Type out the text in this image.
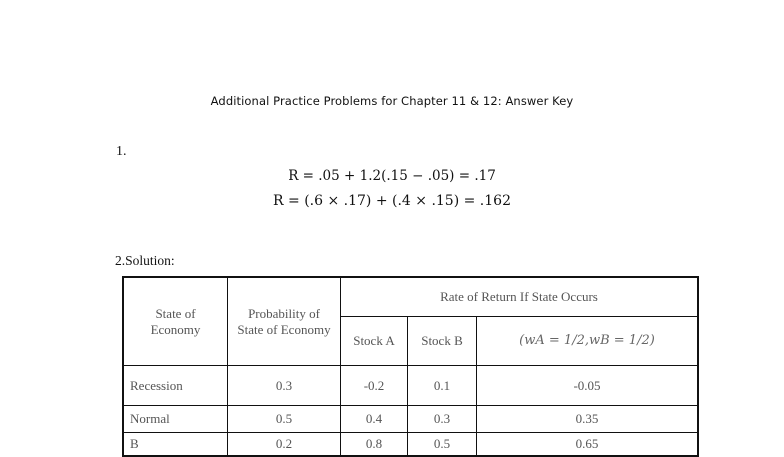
Additional Practice Problems for Chapter 11 & 12: Answer Key
1.
R = .05 + 1.2(.15 − .05) = .17
R = (.6 × .17) + (.4 × .15) = .162
2.Solution:
State of Economy	Probability of State of Economy	Rate of Return If State Occurs		
		Stock A	Stock B	(wA = 1/2,wB = 1/2)
Recession	0.3	-0.2	0.1	-0.05
Normal	0.5	0.4	0.3	0.35
B	0.2	0.8	0.5	0.65
